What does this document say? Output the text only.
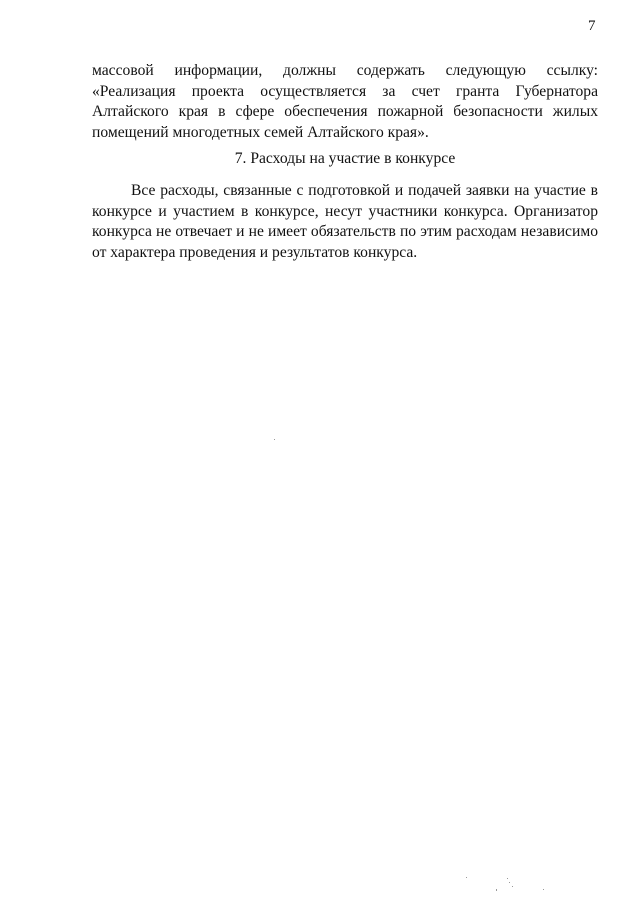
7

массовой информации, должны содержать следующую ссылку: «Реализация проекта осуществляется за счет гранта Губернатора Алтайского края в сфере обеспечения пожарной безопасности жилых помещений многодетных семей Алтайского края».

7. Расходы на участие в конкурсе

Все расходы, связанные с подготовкой и подачей заявки на участие в конкурсе и участием в конкурсе, несут участники конкурса. Организатор конкурса не отвечает и не имеет обязательств по этим расходам независимо от характера проведения и результатов конкурса.
